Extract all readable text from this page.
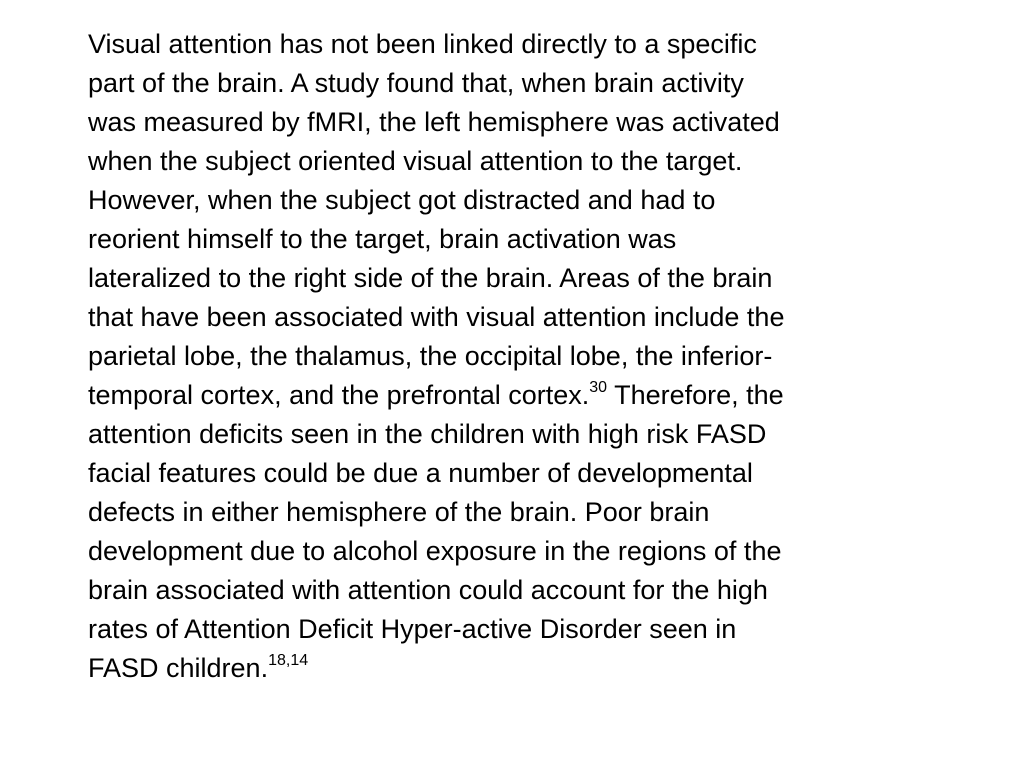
Visual attention has not been linked directly to a specific
part of the brain. A study found that, when brain activity
was measured by fMRI, the left hemisphere was activated
when the subject oriented visual attention to the target.
However, when the subject got distracted and had to
reorient himself to the target, brain activation was
lateralized to the right side of the brain. Areas of the brain
that have been associated with visual attention include the
parietal lobe, the thalamus, the occipital lobe, the inferior-
temporal cortex, and the prefrontal cortex.$^{30}$ Therefore, the
attention deficits seen in the children with high risk FASD
facial features could be due a number of developmental
defects in either hemisphere of the brain. Poor brain
development due to alcohol exposure in the regions of the
brain associated with attention could account for the high
rates of Attention Deficit Hyper-active Disorder seen in
FASD children.$^{18,14}$
